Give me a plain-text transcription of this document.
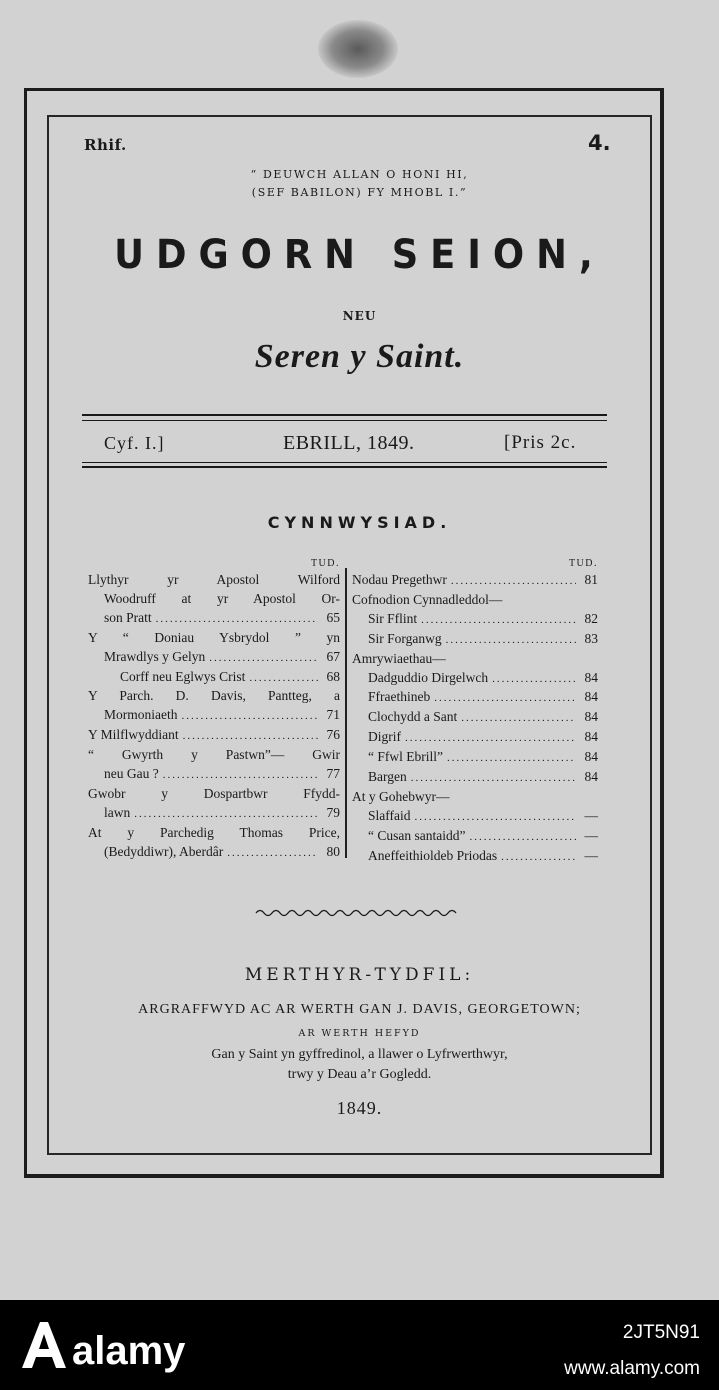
Rhif.	4.
“ DEUWCH ALLAN O HONI HI,
(SEF BABILON) FY MHOBL I.”
UDGORN SEION,
NEU
Seren y Saint.
Cyf. I.]	EBRILL, 1849.	[Pris 2c.
CYNNWYSIAD.
TUD.
Llythyr yr Apostol Wilford
Woodruff at yr Apostol Or-
son Pratt .....	65
Y “ Doniau Ysbrydol ” yn
Mrawdlys y Gelyn .....	67
Corff neu Eglwys Crist .....	68
Y Parch. D. Davis, Pantteg, a
Mormoniaeth .....	71
Y Milflwyddiant .....	76
“ Gwyrth y Pastwn”— Gwir
neu Gau ? .....	77
Gwobr y Dospartbwr Ffydd-
lawn .....	79
At y Parchedig Thomas Price,
(Bedyddiwr), Aberdâr .....	80
TUD.
Nodau Pregethwr .....	81
Cofnodion Cynnadleddol—
Sir Fflint .....	82
Sir Forganwg .....	83
Amrywiaethau—
Dadguddio Dirgelwch .....	84
Ffraethineb .....	84
Clochydd a Sant .....	84
Digrif .....	84
“ Ffwl Ebrill” .....	84
Bargen .....	84
At y Gohebwyr—
Slaffaid .....	—
“ Cusan santaidd” .....	—
Aneffeithioldeb Priodas .....	—
MERTHYR-TYDFIL:
ARGRAFFWYD AC AR WERTH GAN J. DAVIS, GEORGETOWN;
AR WERTH HEFYD
Gan y Saint yn gyffredinol, a llawer o Lyfrwerthwyr,
trwy y Deau a’r Gogledd.
1849.
alamy	2JT5N91
www.alamy.com
